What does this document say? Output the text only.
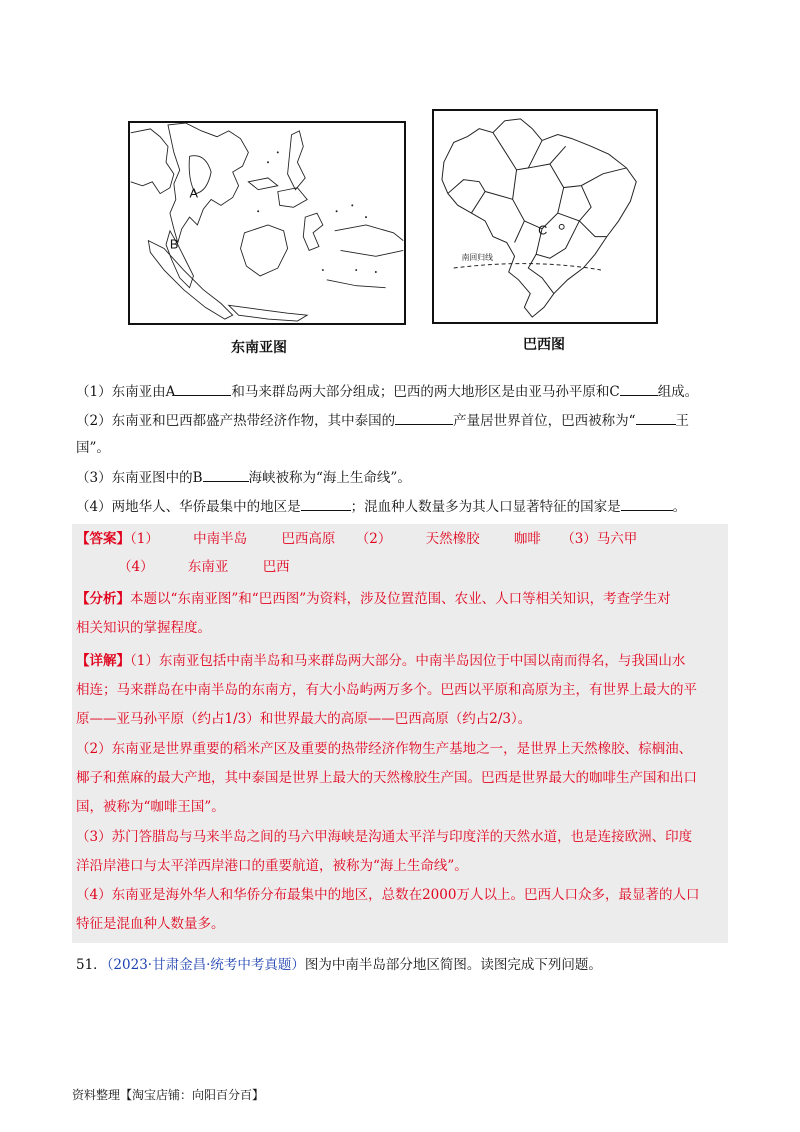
A
B
东南亚图
C
南回归线
巴西图
（1）东南亚由A	和马来群岛两大部分组成；巴西的两大地形区是由亚马孙平原和C	组成。
（2）东南亚和巴西都盛产热带经济作物，其中泰国的	产量居世界首位，巴西被称为“	王
国”。
（3）东南亚图中的B	海峡被称为“海上生命线”。
（4）两地华人、华侨最集中的地区是	；混血种人数量多为其人口显著特征的国家是	。
【答案】（1）	中南半岛	巴西高原 （2）	天然橡胶	咖啡 （3）马六甲
（4）	东南亚	巴西
【分析】本题以“东南亚图”和“巴西图”为资料，涉及位置范围、农业、人口等相关知识，考查学生对
相关知识的掌握程度。
【详解】（1）东南亚包括中南半岛和马来群岛两大部分。中南半岛因位于中国以南而得名，与我国山水
相连；马来群岛在中南半岛的东南方，有大小岛屿两万多个。巴西以平原和高原为主，有世界上最大的平
原——亚马孙平原（约占1/3）和世界最大的高原——巴西高原（约占2/3）。
（2）东南亚是世界重要的稻米产区及重要的热带经济作物生产基地之一，是世界上天然橡胶、棕榈油、
椰子和蕉麻的最大产地，其中泰国是世界上最大的天然橡胶生产国。巴西是世界最大的咖啡生产国和出口
国，被称为“咖啡王国”。
（3）苏门答腊岛与马来半岛之间的马六甲海峡是沟通太平洋与印度洋的天然水道，也是连接欧洲、印度
洋沿岸港口与太平洋西岸港口的重要航道，被称为“海上生命线”。
（4）东南亚是海外华人和华侨分布最集中的地区，总数在2000万人以上。巴西人口众多，最显著的人口
特征是混血种人数量多。
51．（2023·甘肃金昌·统考中考真题）图为中南半岛部分地区简图。读图完成下列问题。
资料整理【淘宝店铺：向阳百分百】
